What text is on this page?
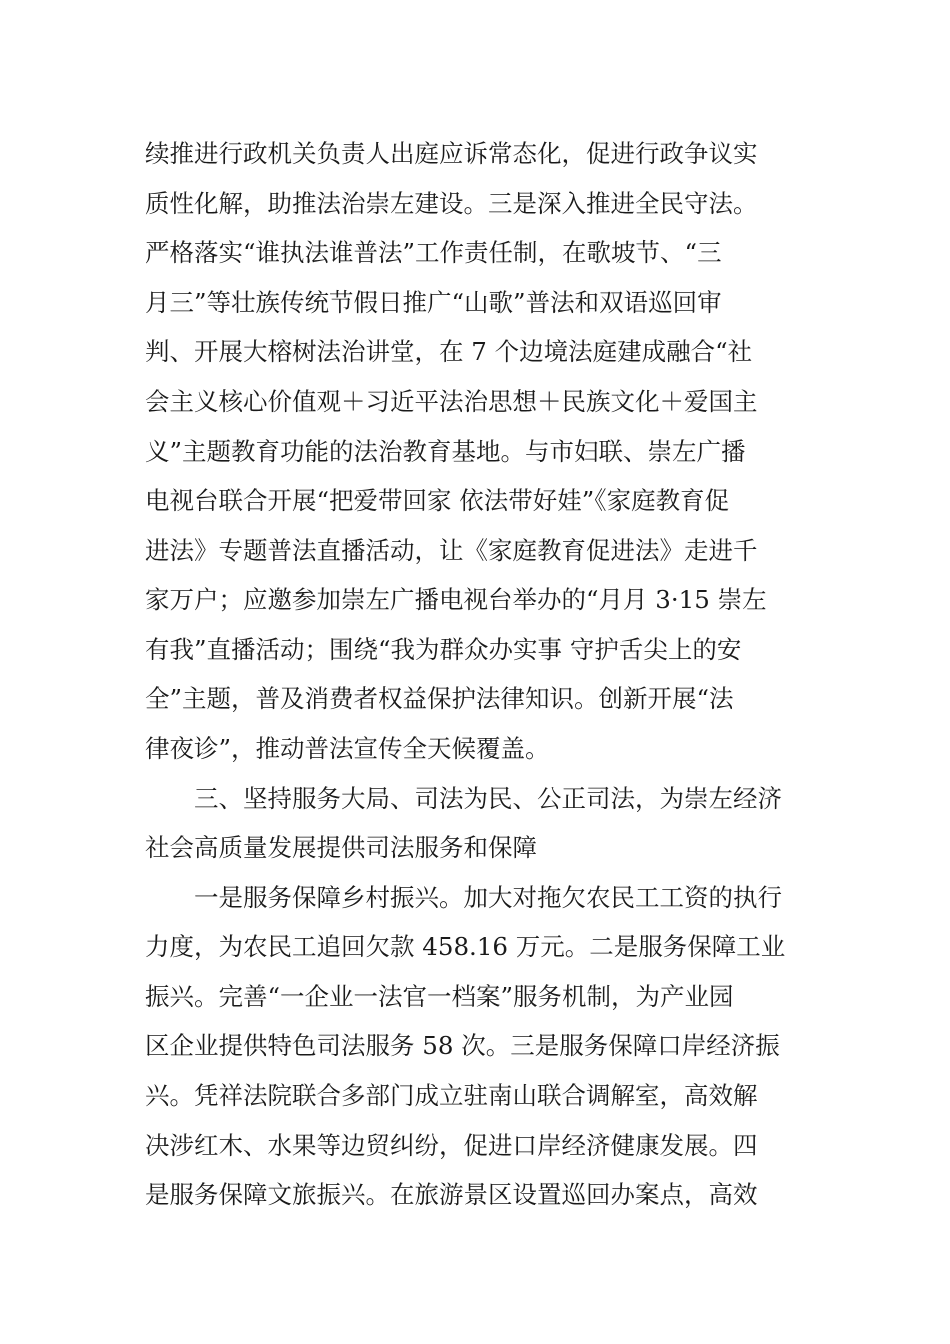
续推进行政机关负责人出庭应诉常态化，促进行政争议实
质性化解，助推法治崇左建设。三是深入推进全民守法。
严格落实“谁执法谁普法”工作责任制，在歌坡节、“三
月三”等壮族传统节假日推广“山歌”普法和双语巡回审
判、开展大榕树法治讲堂，在 7 个边境法庭建成融合“社
会主义核心价值观＋习近平法治思想＋民族文化＋爱国主
义”主题教育功能的法治教育基地。与市妇联、崇左广播
电视台联合开展“把爱带回家 依法带好娃”《家庭教育促
进法》专题普法直播活动，让《家庭教育促进法》走进千
家万户；应邀参加崇左广播电视台举办的“月月 3·15 崇左
有我”直播活动；围绕“我为群众办实事 守护舌尖上的安
全”主题，普及消费者权益保护法律知识。创新开展“法
律夜诊”，推动普法宣传全天候覆盖。
三、坚持服务大局、司法为民、公正司法，为崇左经济
社会高质量发展提供司法服务和保障
一是服务保障乡村振兴。加大对拖欠农民工工资的执行
力度，为农民工追回欠款 458.16 万元。二是服务保障工业
振兴。完善“一企业一法官一档案”服务机制，为产业园
区企业提供特色司法服务 58 次。三是服务保障口岸经济振
兴。凭祥法院联合多部门成立驻南山联合调解室，高效解
决涉红木、水果等边贸纠纷，促进口岸经济健康发展。四
是服务保障文旅振兴。在旅游景区设置巡回办案点，高效
